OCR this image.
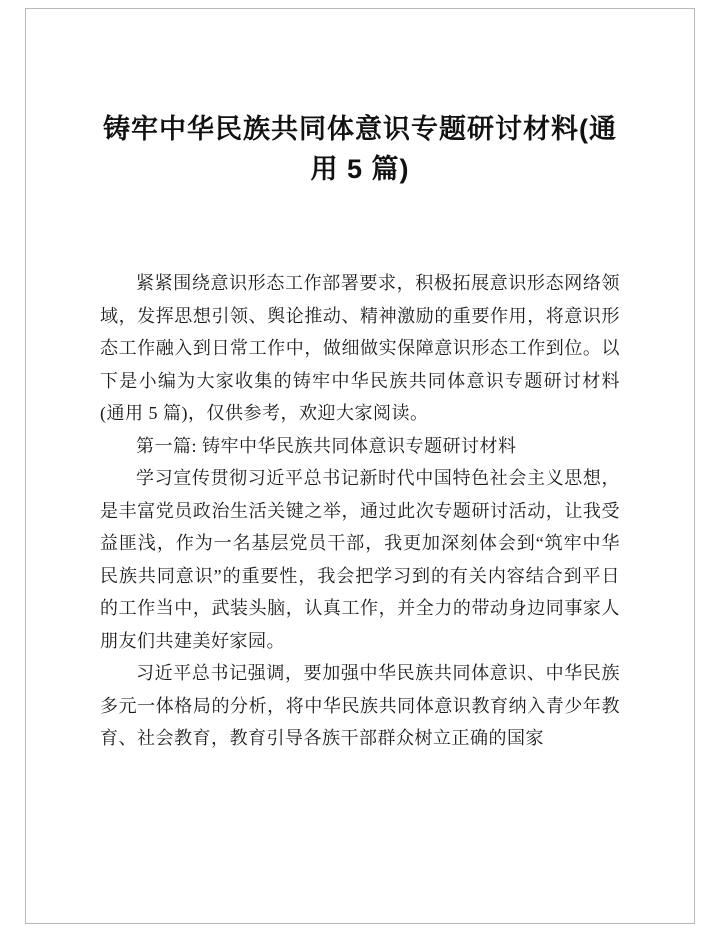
铸牢中华民族共同体意识专题研讨材料(通用 5 篇)

紧紧围绕意识形态工作部署要求，积极拓展意识形态网络领域，发挥思想引领、舆论推动、精神激励的重要作用，将意识形态工作融入到日常工作中，做细做实保障意识形态工作到位。以下是小编为大家收集的铸牢中华民族共同体意识专题研讨材料(通用 5 篇)，仅供参考，欢迎大家阅读。

第一篇: 铸牢中华民族共同体意识专题研讨材料

学习宣传贯彻习近平总书记新时代中国特色社会主义思想，是丰富党员政治生活关键之举，通过此次专题研讨活动，让我受益匪浅，作为一名基层党员干部，我更加深刻体会到“筑牢中华民族共同意识”的重要性，我会把学习到的有关内容结合到平日的工作当中，武装头脑，认真工作，并全力的带动身边同事家人朋友们共建美好家园。

习近平总书记强调，要加强中华民族共同体意识、中华民族多元一体格局的分析，将中华民族共同体意识教育纳入青少年教育、社会教育，教育引导各族干部群众树立正确的国家
